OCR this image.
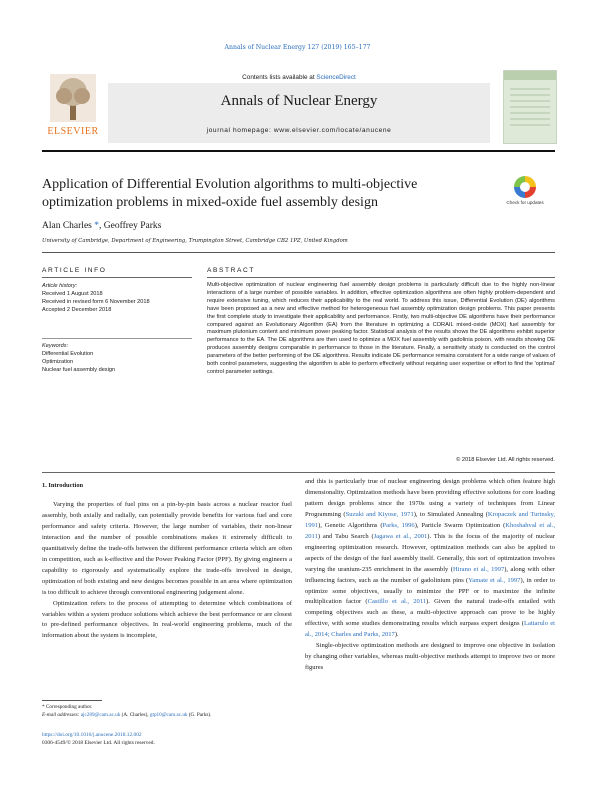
Annals of Nuclear Energy 127 (2019) 165–177
ELSEVIER
Contents lists available at ScienceDirect
Annals of Nuclear Energy
journal homepage: www.elsevier.com/locate/anucene
Application of Differential Evolution algorithms to multi-objective optimization problems in mixed-oxide fuel assembly design	Check for updates
Alan Charles *, Geoffrey Parks
University of Cambridge, Department of Engineering, Trumpington Street, Cambridge CB2 1PZ, United Kingdom
ARTICLE INFO	ABSTRACT
Article history:
Received 1 August 2018
Received in revised form 6 November 2018
Accepted 2 December 2018
Keywords:
Differential Evolution
Optimization
Nuclear fuel assembly design
Multi-objective optimization of nuclear engineering fuel assembly design problems is particularly difficult due to the highly non-linear interactions of a large number of possible variables. In addition, effective optimization algorithms are often highly problem-dependent and require extensive tuning, which reduces their applicability to the real world. To address this issue, Differential Evolution (DE) algorithms have been proposed as a new and effective method for heterogeneous fuel assembly optimization design problems. This paper presents the first complete study to investigate their applicability and performance. Firstly, two multi-objective DE algorithms have their performance compared against an Evolutionary Algorithm (EA) from the literature in optimizing a CORAIL mixed-oxide (MOX) fuel assembly for maximum plutonium content and minimum power peaking factor. Statistical analysis of the results shows the DE algorithms exhibit superior performance to the EA. The DE algorithms are then used to optimize a MOX fuel assembly with gadolinia poison, with results showing DE produces assembly designs comparable in performance to those in the literature. Finally, a sensitivity study is conducted on the control parameters of the better performing of the DE algorithms. Results indicate DE performance remains consistent for a wide range of values of both control parameters, suggesting the algorithm is able to perform effectively without requiring user expertise or effort to find the 'optimal' control parameter settings.
© 2018 Elsevier Ltd. All rights reserved.
1. Introduction

Varying the properties of fuel pins on a pin-by-pin basis across a nuclear reactor fuel assembly, both axially and radially, can potentially provide benefits for various fuel and core performance and safety criteria. However, the large number of variables, their non-linear interaction and the number of possible combinations makes it extremely difficult to quantitatively define the trade-offs between the different performance criteria which are often in competition, such as k-effective and the Power Peaking Factor (PPF). By giving engineers a capability to rigorously and systematically explore the trade-offs involved in design, optimization of both existing and new designs becomes possible in an area where optimization is too difficult to achieve through conventional engineering judgement alone.

Optimization refers to the process of attempting to determine which combinations of variables within a system produce solutions which achieve the best performance or are closest to pre-defined performance objectives. In real-world engineering problems, much of the information about the system is incomplete,

and this is particularly true of nuclear engineering design problems which often feature high dimensionality. Optimization methods have been providing effective solutions for core loading pattern design problems since the 1970s using a variety of techniques from Linear Programming (Suzuki and Kiyose, 1971), to Simulated Annealing (Kropaczek and Turinsky, 1991), Genetic Algorithms (Parks, 1996), Particle Swarm Optimization (Khoshahval et al., 2011) and Tabu Search (Jagawa et al., 2001). This is the focus of the majority of nuclear engineering optimization research. However, optimization methods can also be applied to aspects of the design of the fuel assembly itself. Generally, this sort of optimization involves varying the uranium-235 enrichment in the assembly (Hirano et al., 1997), along with other influencing factors, such as the number of gadolinium pins (Yamate et al., 1997), in order to optimize some objectives, usually to minimize the PPF or to maximize the infinite multiplication factor (Castillo et al., 2011). Given the natural trade-offs entailed with competing objectives such as these, a multi-objective approach can prove to be highly effective, with some studies demonstrating results which surpass expert designs (Lattarulo et al., 2014; Charles and Parks, 2017).

Single-objective optimization methods are designed to improve one objective in isolation by changing other variables, whereas multi-objective methods attempt to improve two or more figures

* Corresponding author.
E-mail addresses: ajc289@cam.ac.uk (A. Charles), gtp10@cam.ac.uk (G. Parks).
https://doi.org/10.1016/j.anucene.2018.12.002
0306-4549/© 2018 Elsevier Ltd. All rights reserved.
